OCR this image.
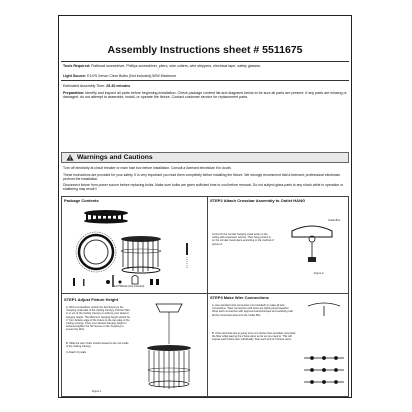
Assembly Instructions sheet # 5511675
Tools Required: Flathead screwdriver, Phillips screwdriver, pliers, wire cutters, wire strippers, electrical tape, safety glasses.
Light Source: E14*5 Xenon Clear Bulbs (Not included),50W Maximum
Estimated Assembly Time: 25-30 minutes
Preparation: Identify and inspect all parts before beginning installation. Check package content list and diagrams below to be sure all parts are present. If any parts are missing or damaged, do not attempt to assemble, install, or operate the fixture. Contact customer service for replacement parts.
Warnings and Cautions
Turn off electricity at circuit breaker or main fuse box before installation. Consult a licensed electrician if in doubt.
Package Contents
E14*5Bulbs (Not included)
STEP2 Attach Crossbar Assembly to Outlet HANG
A.First fix the circular hanging metal parts on the ceiling with expansion screws. Then hang picture A on the circular metal piece according to the method of picture A.
Outlet Box
Figure A
STEP1 Adjust Fixture Height
A. With a screwdriver unlock the Set Screw on the Coupling underside of the Ceiling Canopy. Pull the Wire in or out of the Ceiling Canopy to achieve your desired hanging height. The Minimum hanging height should be 4" from bottom edge of the fixture to the top edge of the Ceiling Canopy. Once your desired hanging height is achieved tighten the Set Screw on the Coupling to secure the Wire.
B. Slide the wire Chain should stowed to fan out inside of the Ceiling Canopy.
C.Attach Crystals
Figure 1
STEP3 Make Wire Connections
A. Use standard wire connectors (not included) to make all wire connections. Twist connectors until wires are tightly joined together. Wrap each connection with approved electrical tape and carefully push all the connected wires into the Outlet Box.
B. If the electrical wire is going to be cut shorter than provided, strip back the fiber while leaving the 2 bare wires as far as you need to. This will expose each fixture wire individually. Strip each end of 3 fixture wires.
These instructions are provided for your safety. It is very important you read them completely before installing the fixture. We strongly recommend that a licensed, professional electrician perform the installation.
Disconnect fixture from power source before replacing bulbs. Make sure bulbs are given sufficient time to cool before removal. Do not subject glass parts to any shock while in operation or shattering may result !!
